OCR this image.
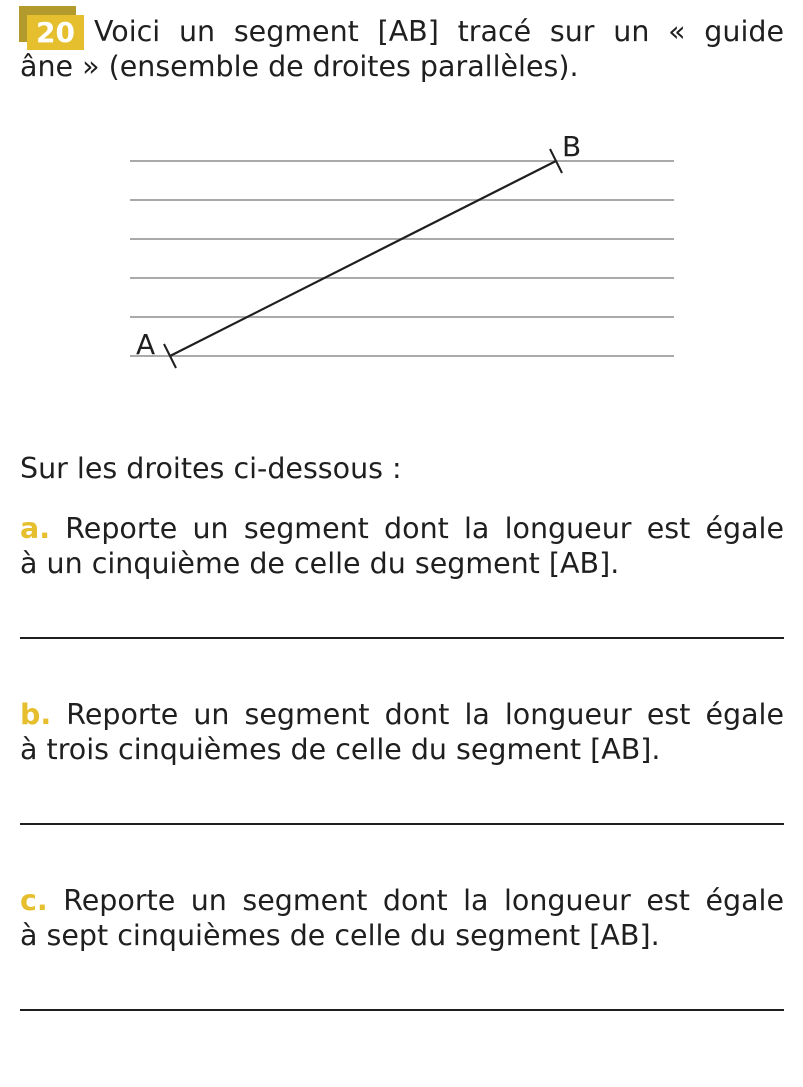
20 Voici un segment [AB] tracé sur un « guide
âne » (ensemble de droites parallèles).

A
B

Sur les droites ci-dessous :

a. Reporte un segment dont la longueur est égale
à un cinquième de celle du segment [AB].
b. Reporte un segment dont la longueur est égale
à trois cinquièmes de celle du segment [AB].
c. Reporte un segment dont la longueur est égale
à sept cinquièmes de celle du segment [AB].
